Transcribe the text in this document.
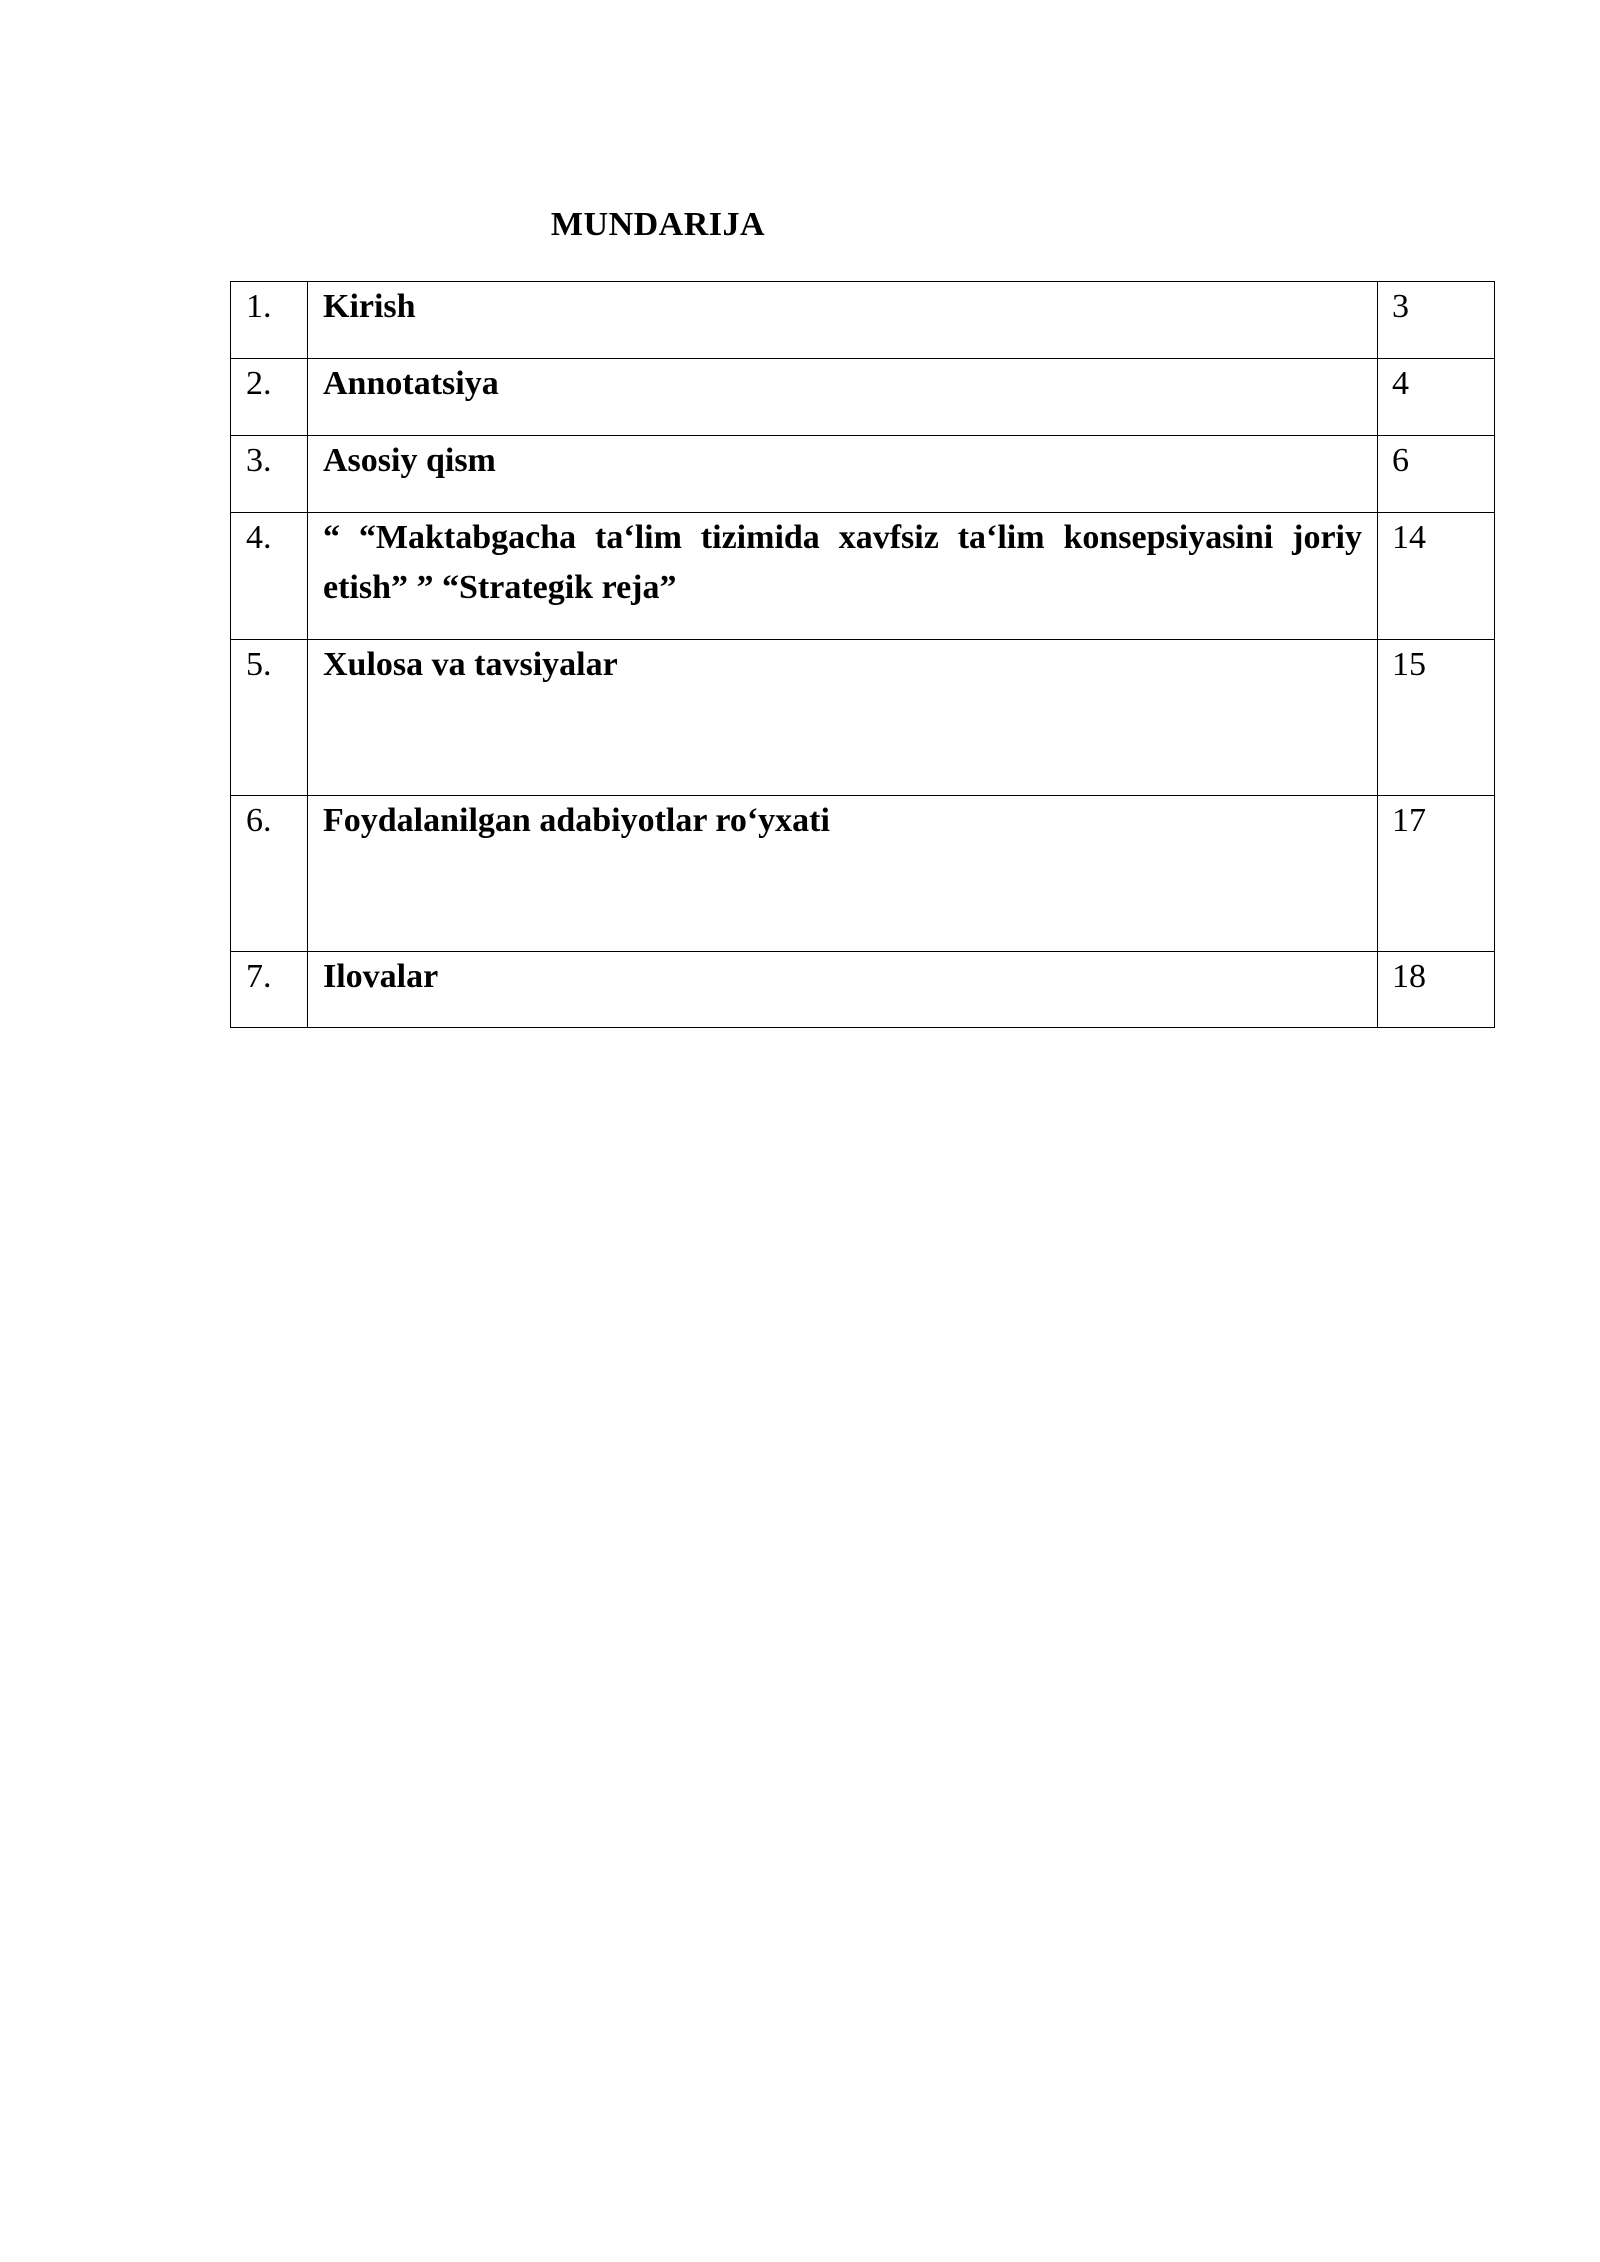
MUNDARIJA
1.	Kirish	3
2.	Annotatsiya	4
3.	Asosiy qism	6
4.	“ “Maktabgacha ta‘lim tizimida xavfsiz ta‘lim konsepsiyasini joriy etish” ” “Strategik reja”	14
5.	Xulosa va tavsiyalar	15
6.	Foydalanilgan adabiyotlar ro‘yxati	17
7.	Ilovalar	18
